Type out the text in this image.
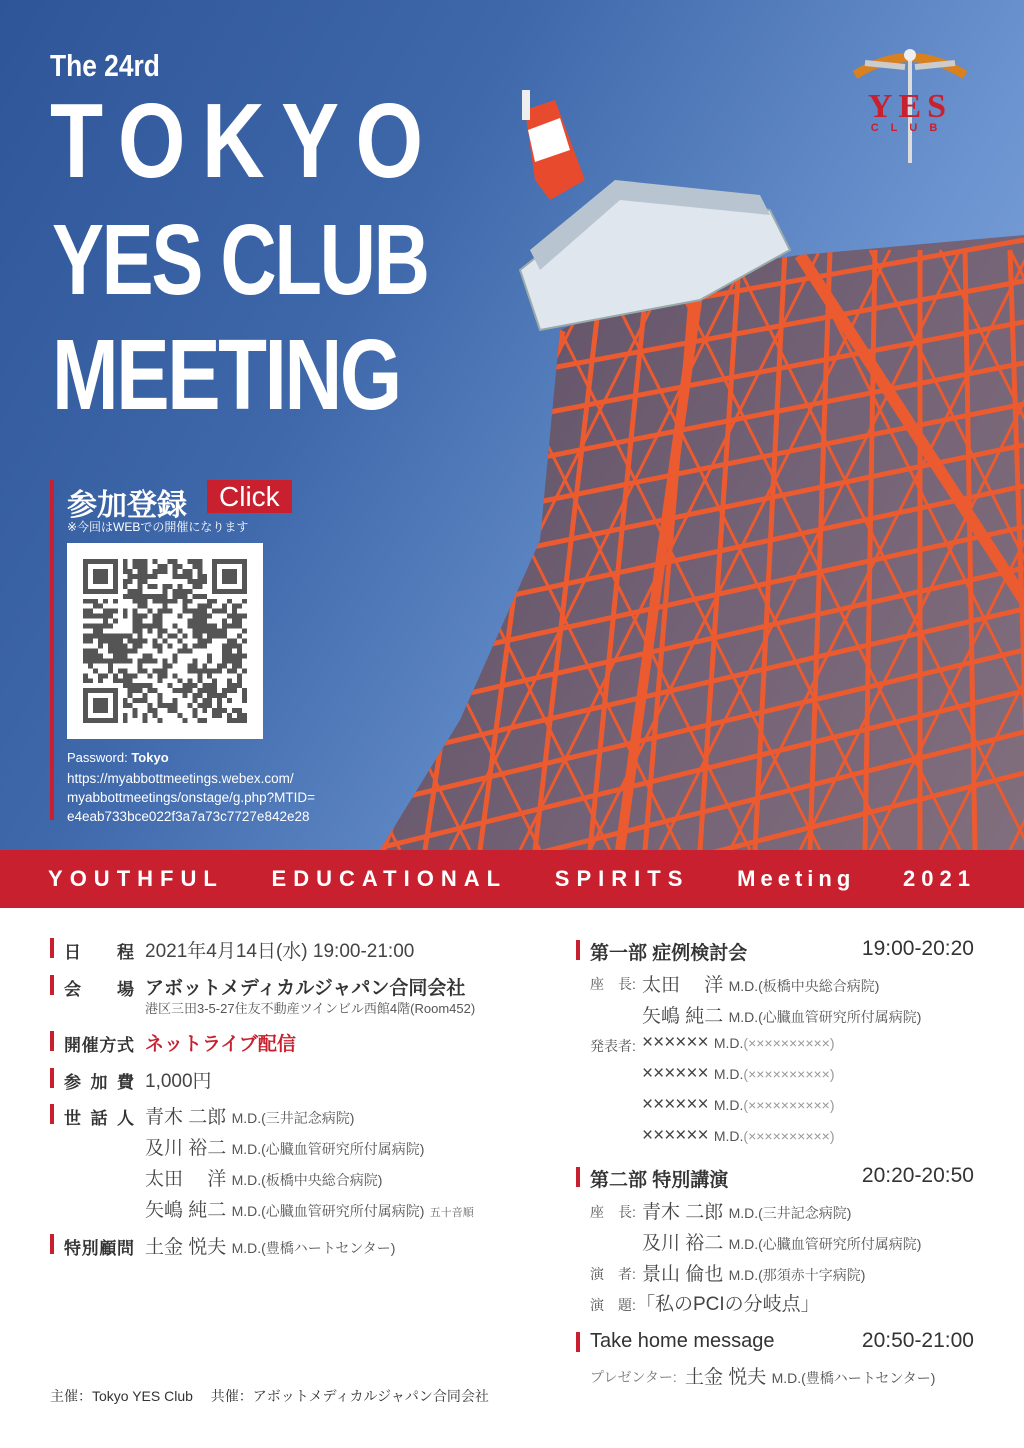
The 24rd
TOKYO
YES CLUB
MEETING
参加登録	Click
※今回はWEBでの開催になります
Password: Tokyo
https://myabbottmeetings.webex.com/
myabbottmeetings/onstage/g.php?MTID=
e4eab733bce022f3a7a73c7727e842e28
YES
CLUB
YOUTHFUL EDUCATIONAL SPIRITS Meeting 2021
日程 2021年4月14日(水) 19:00-21:00
会場 アボットメディカルジャパン合同会社
港区三田3-5-27住友不動産ツインビル西館4階(Room452)
開催方式 ネットライブ配信
参加費 1,000円
世話人 青木 二郎 M.D.(三井記念病院)
及川 裕二 M.D.(心臓血管研究所付属病院)
太田　 洋 M.D.(板橋中央総合病院)
矢嶋 純二 M.D.(心臓血管研究所付属病院) 五十音順
特別顧問 土金 悦夫 M.D.(豊橋ハートセンター)
第一部 症例検討会	19:00-20:20
座　長: 太田　 洋 M.D.(板橋中央総合病院)
矢嶋 純二 M.D.(心臓血管研究所付属病院)
発表者: ×××××× M.D.(××××××××××)
×××××× M.D.(××××××××××)
×××××× M.D.(××××××××××)
×××××× M.D.(××××××××××)
第二部 特別講演	20:20-20:50
座　長: 青木 二郎 M.D.(三井記念病院)
及川 裕二 M.D.(心臓血管研究所付属病院)
演　者: 景山 倫也 M.D.(那須赤十字病院)
演　題: 「私のPCIの分岐点」
Take home message	20:50-21:00
プレゼンター: 土金 悦夫 M.D.(豊橋ハートセンター)
主催：Tokyo YES Club　 共催：アボットメディカルジャパン合同会社
